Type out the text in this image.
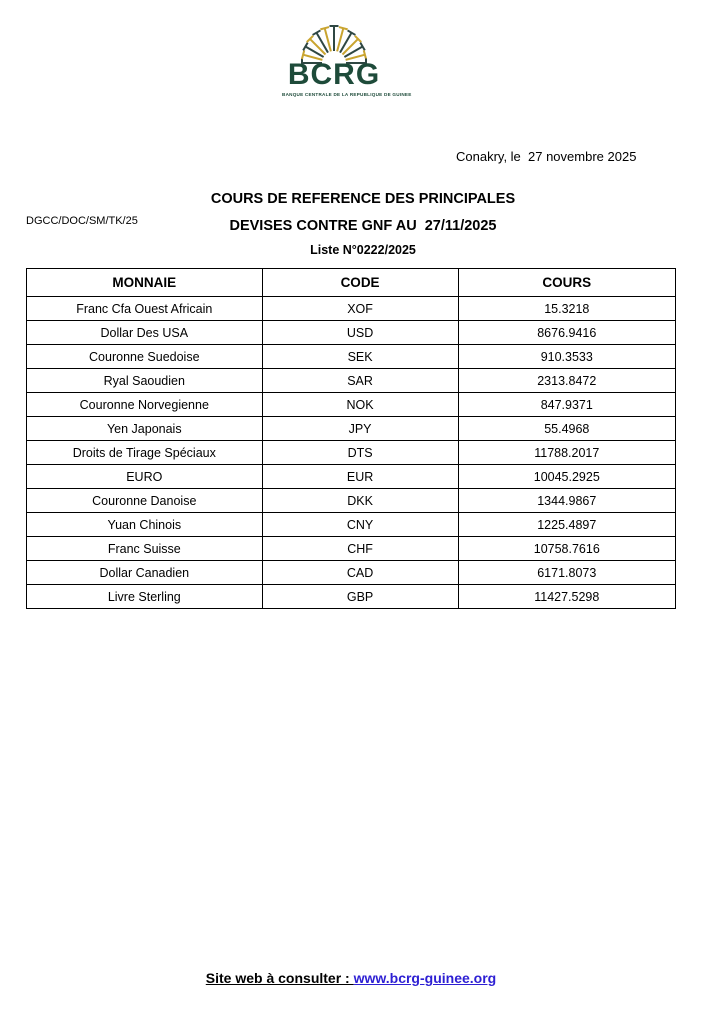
BCRG
BANQUE CENTRALE DE LA REPUBLIQUE DE GUINEE
Conakry, le  27 novembre 2025
DGCC/DOC/SM/TK/25
COURS DE REFERENCE DES PRINCIPALES
DEVISES CONTRE GNF AU  27/11/2025
Liste N°0222/2025
MONNAIE	CODE	COURS
Franc Cfa Ouest Africain	XOF	15.3218
Dollar Des USA	USD	8676.9416
Couronne Suedoise	SEK	910.3533
Ryal Saoudien	SAR	2313.8472
Couronne Norvegienne	NOK	847.9371
Yen Japonais	JPY	55.4968
Droits de Tirage Spéciaux	DTS	11788.2017
EURO	EUR	10045.2925
Couronne Danoise	DKK	1344.9867
Yuan Chinois	CNY	1225.4897
Franc Suisse	CHF	10758.7616
Dollar Canadien	CAD	6171.8073
Livre Sterling	GBP	11427.5298
Site web à consulter : www.bcrg-guinee.org
